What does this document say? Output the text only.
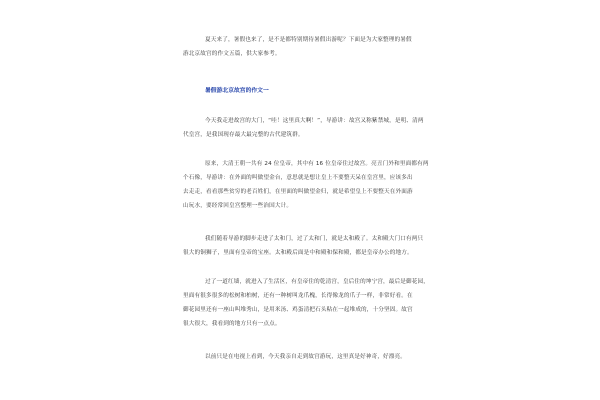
夏天来了，暑假也来了，是不是都特别期待暑假出游呢？下面是为大家整理的暑假
游北京故宫的作文五篇，供大家参考。
暑假游北京故宫的作文一
今天我走进故宫的大门，“哇！这里真大啊！”，导游讲：故宫又称紫禁城，是明、清两
代皇宫，是我国现存最大最完整的古代建筑群。
原来，大清王朝一共有 24 位皇帝，其中有 16 位皇帝住过故宫。亮丑门外和里面都有两
个石像，导游讲：在外面的叫做望金台，意思就是想让皇上不要整天呆在皇宫里，应该多出
去走走，看看那些贫穷的老百姓们，在里面的叫做望金归，就是希望皇上不要整天在外面游
山玩水，要经常回皇宫整理一些治国大计。
我们随着导游的脚步走进了太和门，过了太和门，就是太和殿了。太和殿大门口有两只
很大的铜狮子，里面有皇帝的宝座。太和殿后面是中和殿和保和殿，都是皇帝办公的地方。
过了一道红墙，就进入了生活区，有皇帝住的乾清宫，皇后住的坤宁宫，最后是御花园，
里面有很多很多的松树和柏树，还有一种树叫龙爪槐，长得像龙的爪子一样，非常好看。在
御花园里还有一座山叫堆秀山，是用米汤、鸡蛋清把石头粘在一起堆成的，十分坚固。故宫
很大很大，我看到的地方只有一点点。
以前只是在电视上看到，今天我亲自走到故宫游玩，这里真是好神奇，好漂亮。
